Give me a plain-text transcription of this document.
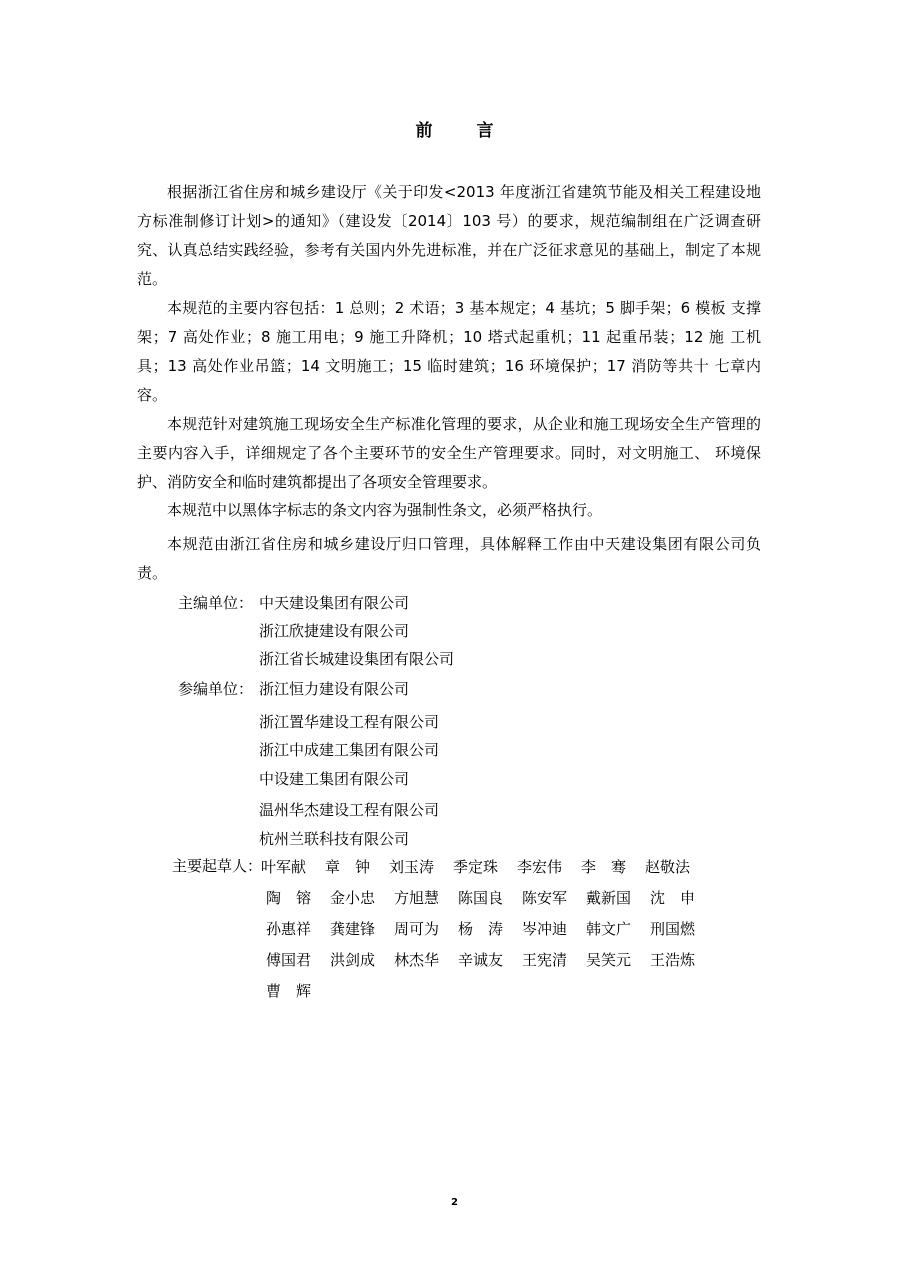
前	言

根据浙江省住房和城乡建设厅《关于印发<2013 年度浙江省建筑节能及相关工程建设地方标准制修订计划>的通知》（建设发〔2014〕103 号）的要求，规范编制组在广泛调查研究、认真总结实践经验，参考有关国内外先进标准，并在广泛征求意见的基础上，制定了本规范。

本规范的主要内容包括：1 总则；2 术语；3 基本规定；4 基坑；5 脚手架；6 模板 支撑架；7 高处作业；8 施工用电；9 施工升降机；10 塔式起重机；11 起重吊装；12 施 工机具；13 高处作业吊篮；14 文明施工；15 临时建筑；16 环境保护；17 消防等共十 七章内容。

本规范针对建筑施工现场安全生产标准化管理的要求，从企业和施工现场安全生产管理的主要内容入手，详细规定了各个主要环节的安全生产管理要求。同时，对文明施工、 环境保护、消防安全和临时建筑都提出了各项安全管理要求。

本规范中以黑体字标志的条文内容为强制性条文，必须严格执行。

本规范由浙江省住房和城乡建设厅归口管理，具体解释工作由中天建设集团有限公司负责。

主编单位： 中天建设集团有限公司
浙江欣捷建设有限公司
浙江省长城建设集团有限公司
参编单位： 浙江恒力建设有限公司
浙江置华建设工程有限公司
浙江中成建工集团有限公司
中设建工集团有限公司
温州华杰建设工程有限公司
杭州兰联科技有限公司
主要起草人：
叶军献	章　钟	刘玉涛	季定珠	李宏伟	李　骞	赵敬法
陶　镕	金小忠	方旭慧	陈国良	陈安军	戴新国	沈　申
孙惠祥	龚建锋	周可为	杨　涛	岑冲迪	韩文广	刑国燃
傅国君	洪剑成	林杰华	辛诚友	王宪清	吴笑元	王浩炼
曹　辉
2
